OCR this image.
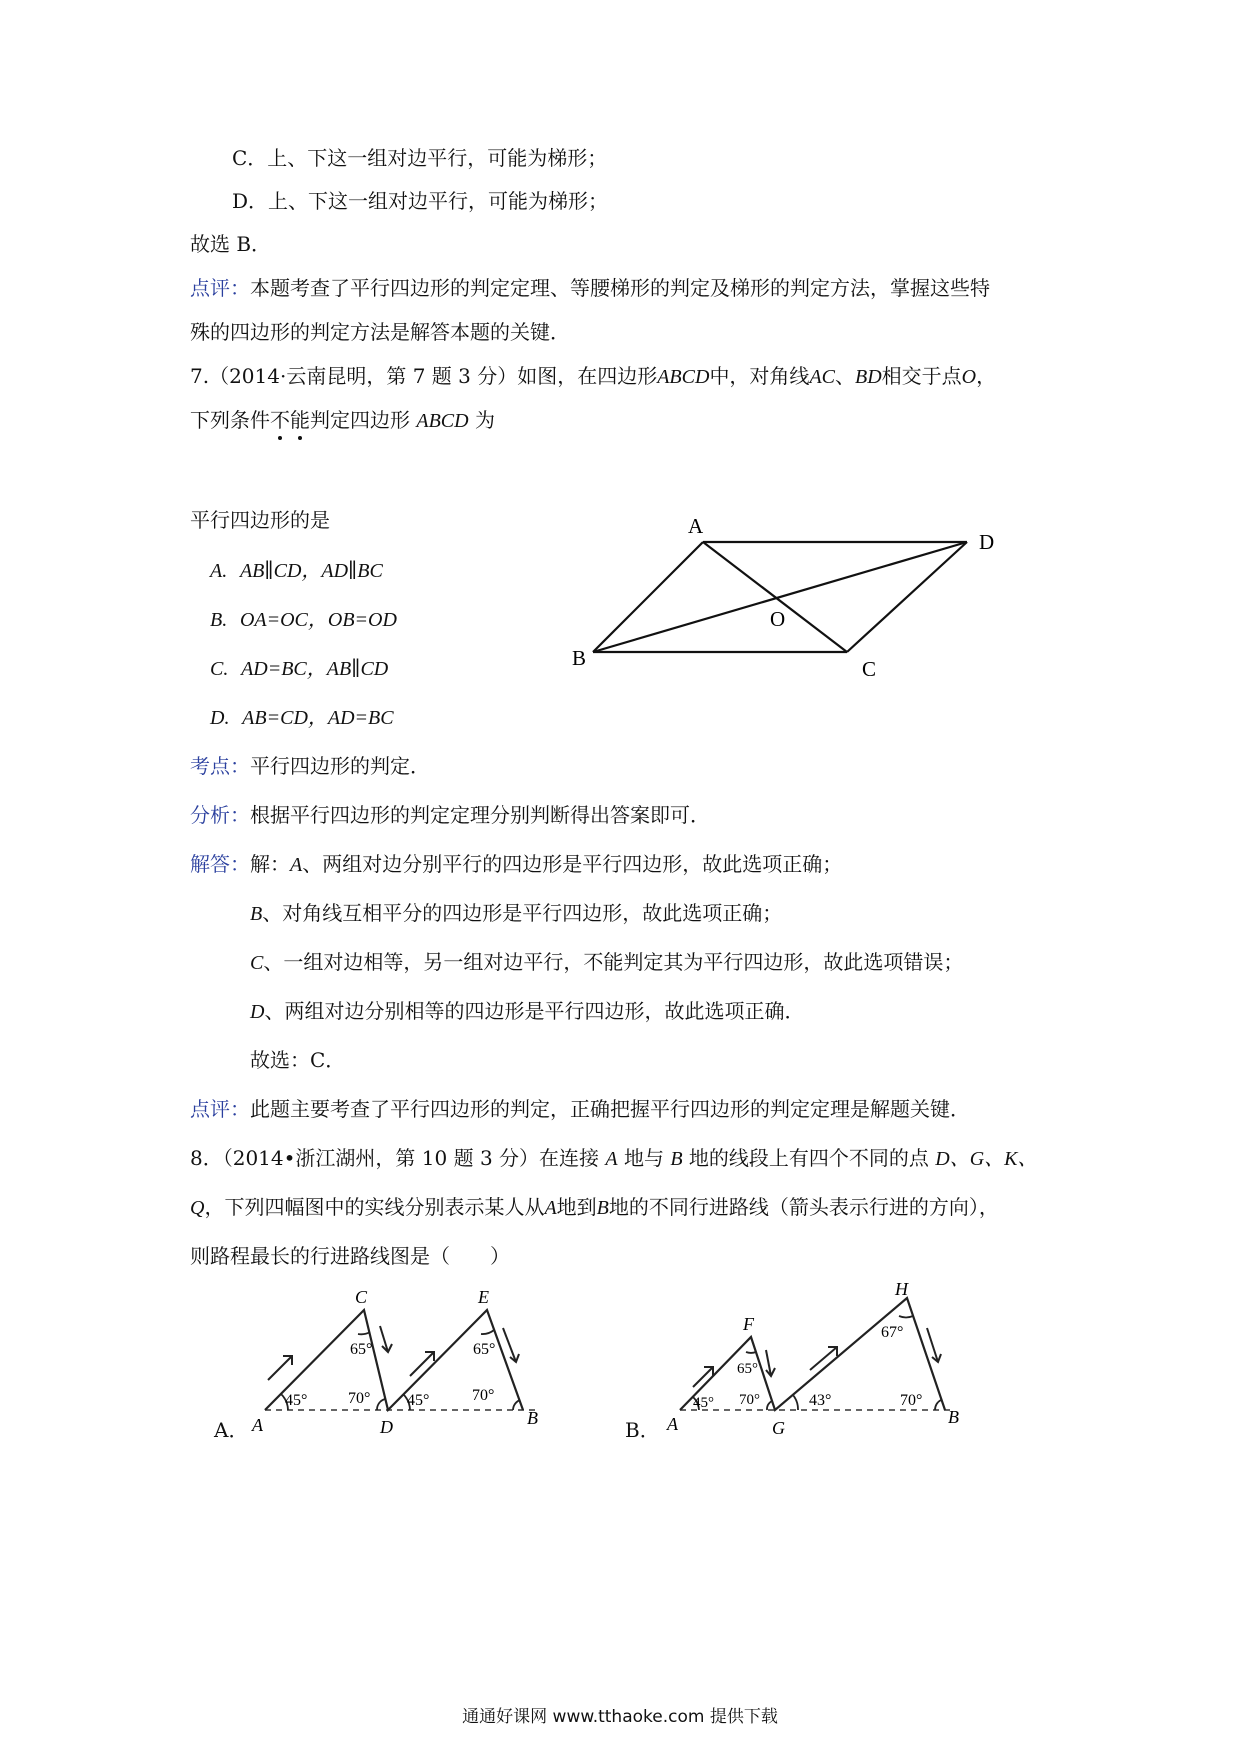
C．上、下这一组对边平行，可能为梯形；
D．上、下这一组对边平行，可能为梯形；
故选 B．
点评：本题考查了平行四边形的判定定理、等腰梯形的判定及梯形的判定方法，掌握这些特
殊的四边形的判定方法是解答本题的关键．
7.（2014·云南昆明，第 7 题 3 分）如图，在四边形ABCD中，对角线AC、BD相交于点O，
下列条件不能判定四边形 ABCD 为
平行四边形的是
A. AB∥CD，AD∥BC
B. OA=OC，OB=OD
C. AD=BC，AB∥CD
D. AB=CD，AD=BC
A
D
B	C
O
考点：平行四边形的判定．
分析：根据平行四边形的判定定理分别判断得出答案即可．
解答：解：A、两组对边分别平行的四边形是平行四边形，故此选项正确；
B、对角线互相平分的四边形是平行四边形，故此选项正确；
C、一组对边相等，另一组对边平行，不能判定其为平行四边形，故此选项错误；
D、两组对边分别相等的四边形是平行四边形，故此选项正确．
故选：C．
点评：此题主要考查了平行四边形的判定，正确把握平行四边形的判定定理是解题关键．
8．（2014•浙江湖州，第 10 题 3 分）在连接 A 地与 B 地的线段上有四个不同的点 D、G、K、
Q，下列四幅图中的实线分别表示某人从A地到B地的不同行进路线（箭头表示行进的方向），
则路程最长的行进路线图是（　　）
A．
C	E
A	D	B
45°
65°
70° 45°
65°
70°
B．
F
H
A	G
B
45°
65°
70°	43°
67°
70°
通通好课网 www.tthaoke.com 提供下载
